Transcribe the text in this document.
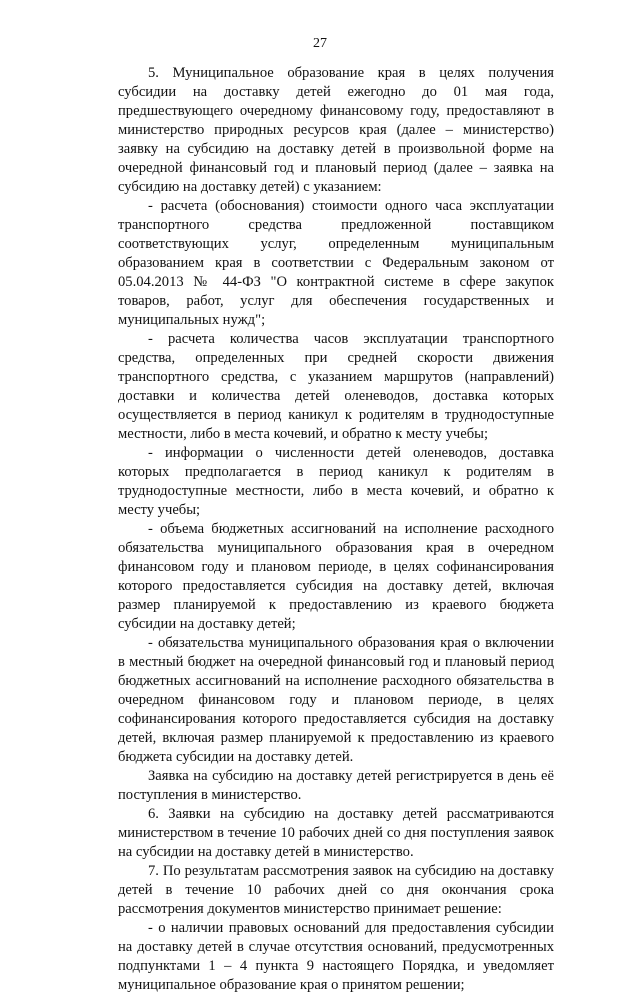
27

5. Муниципальное образование края в целях получения субсидии на доставку детей ежегодно до 01 мая года, предшествующего очередному финансовому году, предоставляют в министерство природных ресурсов края (далее – министерство) заявку на субсидию на доставку детей в произвольной форме на очередной финансовый год и плановый период (далее – заявка на субсидию на доставку детей) с указанием:

- расчета (обоснования) стоимости одного часа эксплуатации транспортного средства предложенной поставщиком соответствующих услуг, определенным муниципальным образованием края в соответствии с Федеральным законом от 05.04.2013 № 44-ФЗ "О контрактной системе в сфере закупок товаров, работ, услуг для обеспечения государственных и муниципальных нужд";

- расчета количества часов эксплуатации транспортного средства, определенных при средней скорости движения транспортного средства, с указанием маршрутов (направлений) доставки и количества детей оленеводов, доставка которых осуществляется в период каникул к родителям в труднодоступные местности, либо в места кочевий, и обратно к месту учебы;

- информации о численности детей оленеводов, доставка которых предполагается в период каникул к родителям в труднодоступные местности, либо в места кочевий, и обратно к месту учебы;

- объема бюджетных ассигнований на исполнение расходного обязательства муниципального образования края в очередном финансовом году и плановом периоде, в целях софинансирования которого предоставляется субсидия на доставку детей, включая размер планируемой к предоставлению из краевого бюджета субсидии на доставку детей;

- обязательства муниципального образования края о включении в местный бюджет на очередной финансовый год и плановый период бюджетных ассигнований на исполнение расходного обязательства в очередном финансовом году и плановом периоде, в целях софинансирования которого предоставляется субсидия на доставку детей, включая размер планируемой к предоставлению из краевого бюджета субсидии на доставку детей.

Заявка на субсидию на доставку детей регистрируется в день её поступления в министерство.

6. Заявки на субсидию на доставку детей рассматриваются министерством в течение 10 рабочих дней со дня поступления заявок на субсидии на доставку детей в министерство.

7. По результатам рассмотрения заявок на субсидию на доставку детей в течение 10 рабочих дней со дня окончания срока рассмотрения документов министерство принимает решение:

- о наличии правовых оснований для предоставления субсидии на доставку детей в случае отсутствия оснований, предусмотренных подпунктами 1 – 4 пункта 9 настоящего Порядка, и уведомляет муниципальное образование края о принятом решении;
